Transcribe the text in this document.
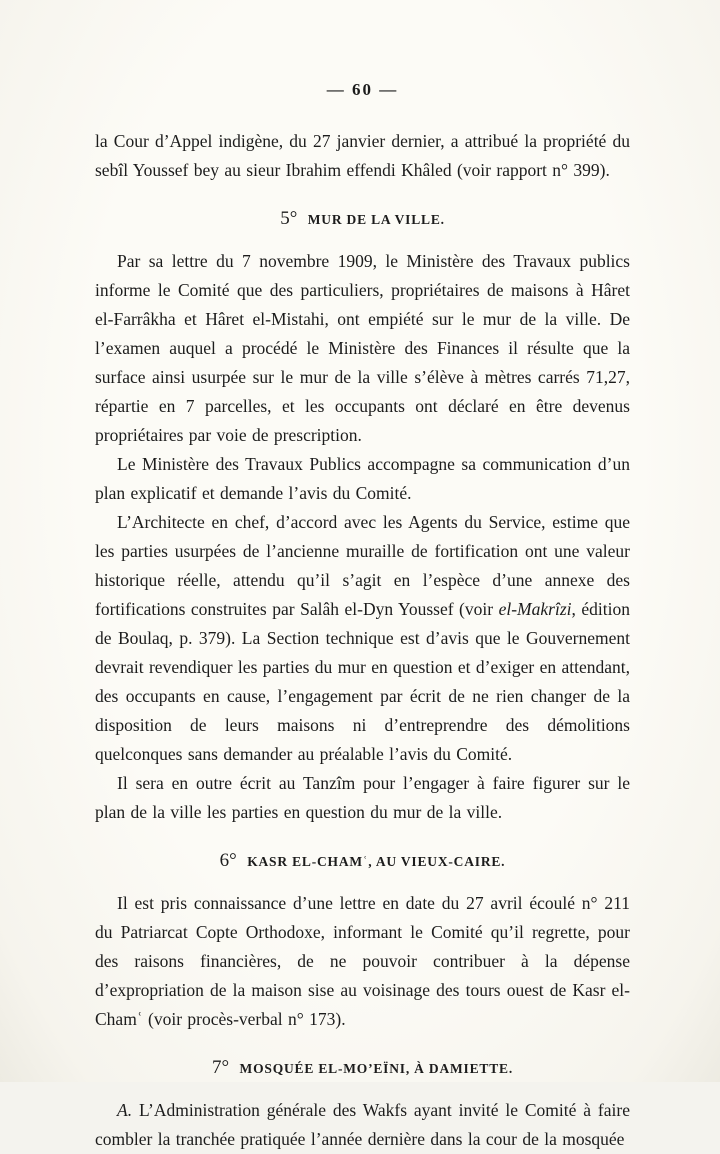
— 60 —

la Cour d’Appel indigène, du 27 janvier dernier, a attribué la propriété du sebîl Youssef bey au sieur Ibrahim effendi Khâled (voir rapport n° 399).

5° MUR DE LA VILLE.

Par sa lettre du 7 novembre 1909, le Ministère des Travaux publics informe le Comité que des particuliers, propriétaires de maisons à Hâret el-Farrâkha et Hâret el-Mistahi, ont empiété sur le mur de la ville. De l’examen auquel a procédé le Ministère des Finances il résulte que la surface ainsi usurpée sur le mur de la ville s’élève à mètres carrés 71,27, répartie en 7 parcelles, et les occupants ont déclaré en être devenus propriétaires par voie de prescription.

Le Ministère des Travaux Publics accompagne sa communication d’un plan explicatif et demande l’avis du Comité.

L’Architecte en chef, d’accord avec les Agents du Service, estime que les parties usurpées de l’ancienne muraille de fortification ont une valeur historique réelle, attendu qu’il s’agit en l’espèce d’une annexe des fortifications construites par Salâh el-Dyn Youssef (voir el-Makrîzi, édition de Boulaq, p. 379). La Section technique est d’avis que le Gouvernement devrait revendiquer les parties du mur en question et d’exiger en attendant, des occupants en cause, l’engagement par écrit de ne rien changer de la disposition de leurs maisons ni d’entreprendre des démolitions quelconques sans demander au préalable l’avis du Comité.

Il sera en outre écrit au Tanzîm pour l’engager à faire figurer sur le plan de la ville les parties en question du mur de la ville.

6° KASR EL-CHAMʿ, AU VIEUX-CAIRE.

Il est pris connaissance d’une lettre en date du 27 avril écoulé n° 211 du Patriarcat Copte Orthodoxe, informant le Comité qu’il regrette, pour des raisons financières, de ne pouvoir contribuer à la dépense d’expropriation de la maison sise au voisinage des tours ouest de Kasr el-Chamʿ (voir procès-verbal n° 173).

7° MOSQUÉE EL-MO’EÏNI, À DAMIETTE.

A. L’Administration générale des Wakfs ayant invité le Comité à faire combler la tranchée pratiquée l’année dernière dans la cour de la mosquée
